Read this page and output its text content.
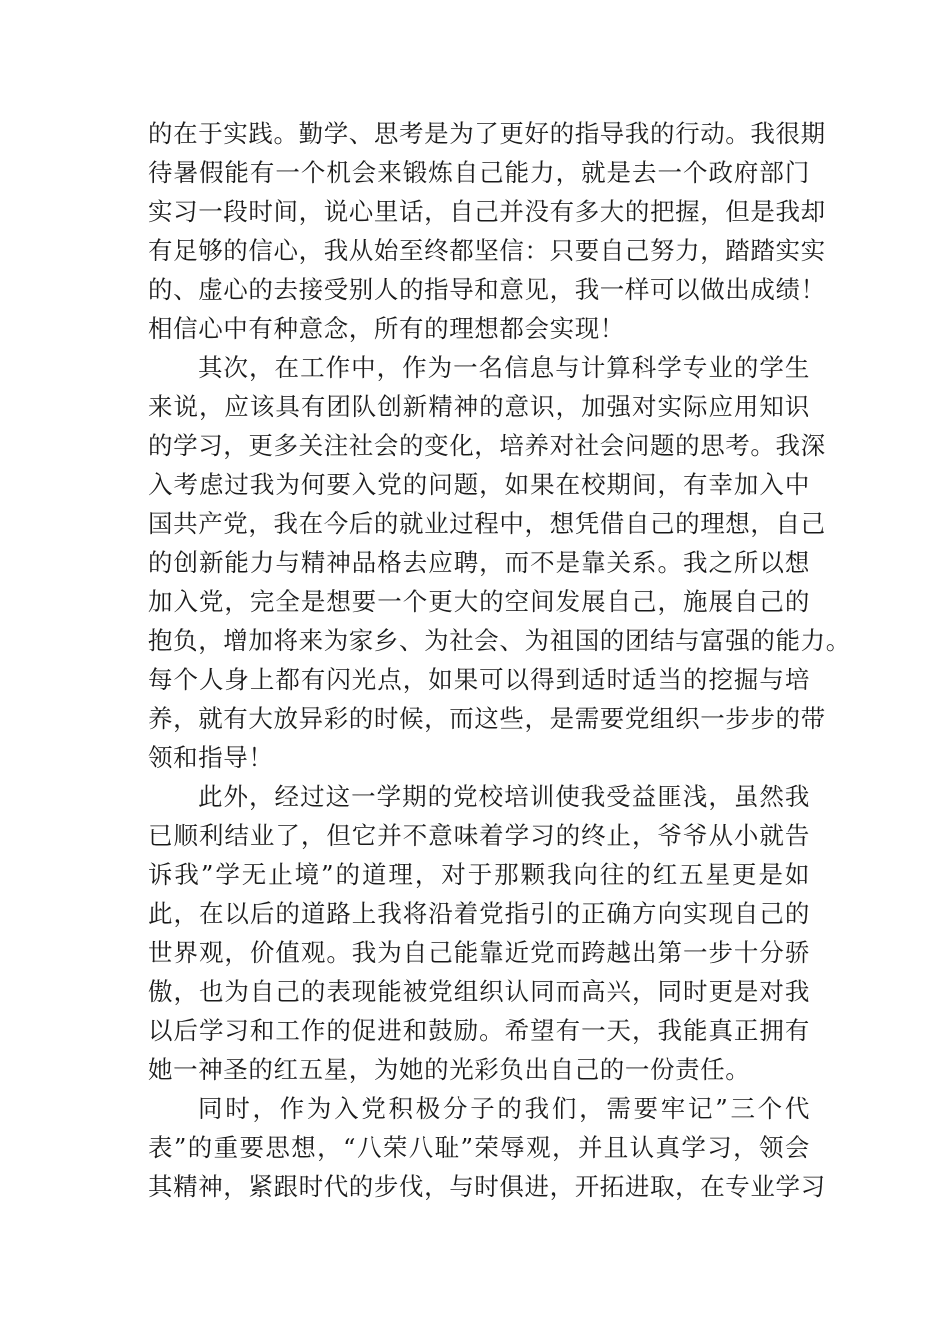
的在于实践。勤学、思考是为了更好的指导我的行动。我很期
待暑假能有一个机会来锻炼自己能力，就是去一个政府部门
实习一段时间，说心里话，自己并没有多大的把握，但是我却
有足够的信心，我从始至终都坚信：只要自己努力，踏踏实实
的、虚心的去接受别人的指导和意见，我一样可以做出成绩！
相信心中有种意念，所有的理想都会实现！
其次，在工作中，作为一名信息与计算科学专业的学生
来说，应该具有团队创新精神的意识，加强对实际应用知识
的学习，更多关注社会的变化，培养对社会问题的思考。我深
入考虑过我为何要入党的问题，如果在校期间，有幸加入中
国共产党，我在今后的就业过程中，想凭借自己的理想，自己
的创新能力与精神品格去应聘，而不是靠关系。我之所以想
加入党，完全是想要一个更大的空间发展自己，施展自己的
抱负，增加将来为家乡、为社会、为祖国的团结与富强的能力。
每个人身上都有闪光点，如果可以得到适时适当的挖掘与培
养，就有大放异彩的时候，而这些，是需要党组织一步步的带
领和指导！
此外，经过这一学期的党校培训使我受益匪浅，虽然我
已顺利结业了，但它并不意味着学习的终止，爷爷从小就告
诉我”学无止境”的道理，对于那颗我向往的红五星更是如
此，在以后的道路上我将沿着党指引的正确方向实现自己的
世界观，价值观。我为自己能靠近党而跨越出第一步十分骄
傲，也为自己的表现能被党组织认同而高兴，同时更是对我
以后学习和工作的促进和鼓励。希望有一天，我能真正拥有
她一神圣的红五星，为她的光彩负出自己的一份责任。
同时，作为入党积极分子的我们，需要牢记”三个代
表”的重要思想，“八荣八耻”荣辱观，并且认真学习，领会
其精神，紧跟时代的步伐，与时俱进，开拓进取，在专业学习
